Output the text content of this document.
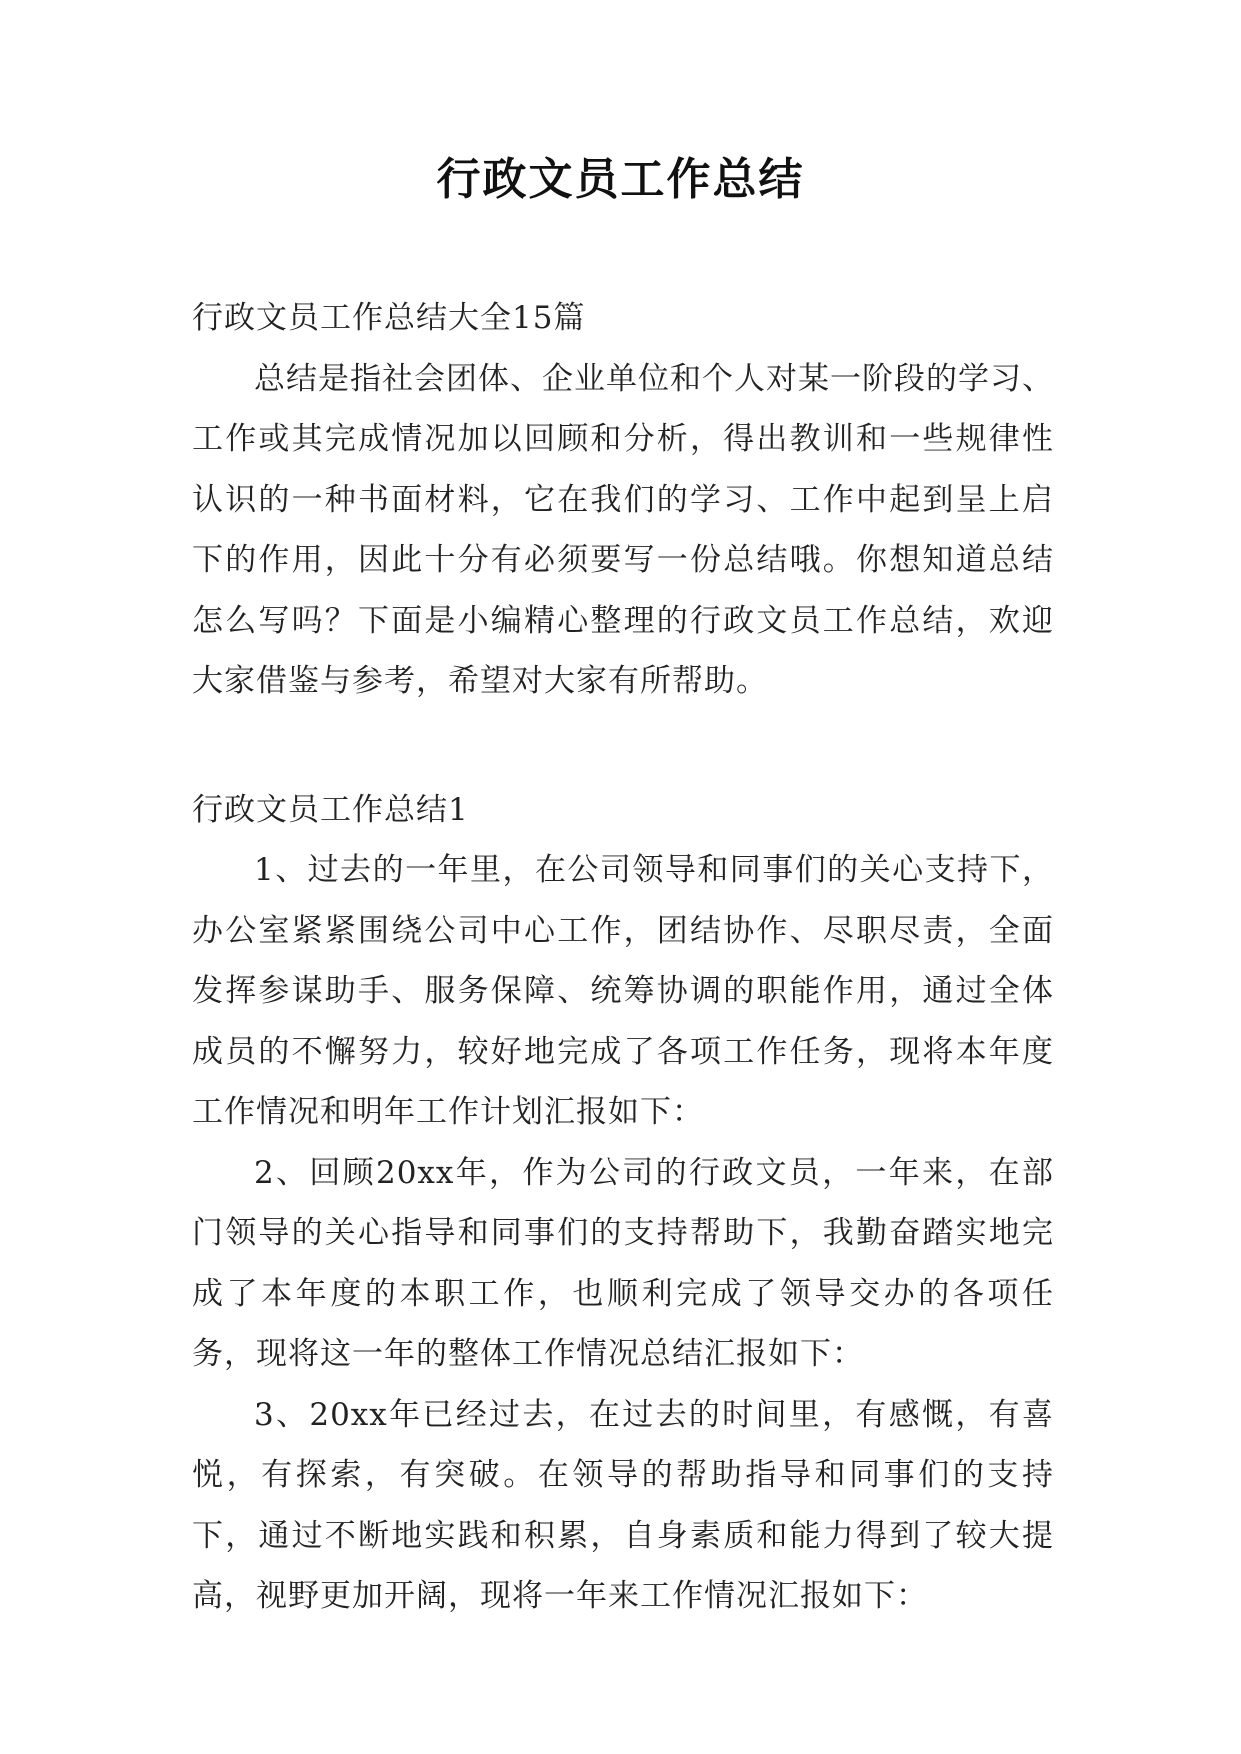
行政文员工作总结

行政文员工作总结大全15篇

总结是指社会团体、企业单位和个人对某一阶段的学习、工作或其完成情况加以回顾和分析，得出教训和一些规律性认识的一种书面材料，它在我们的学习、工作中起到呈上启下的作用，因此十分有必须要写一份总结哦。你想知道总结怎么写吗？下面是小编精心整理的行政文员工作总结，欢迎大家借鉴与参考，希望对大家有所帮助。

行政文员工作总结1

1、过去的一年里，在公司领导和同事们的关心支持下，办公室紧紧围绕公司中心工作，团结协作、尽职尽责，全面发挥参谋助手、服务保障、统筹协调的职能作用，通过全体成员的不懈努力，较好地完成了各项工作任务，现将本年度工作情况和明年工作计划汇报如下：

2、回顾20xx年，作为公司的行政文员，一年来，在部门领导的关心指导和同事们的支持帮助下，我勤奋踏实地完成了本年度的本职工作，也顺利完成了领导交办的各项任务，现将这一年的整体工作情况总结汇报如下：

3、20xx年已经过去，在过去的时间里，有感慨，有喜悦，有探索，有突破。在领导的帮助指导和同事们的支持下，通过不断地实践和积累，自身素质和能力得到了较大提高，视野更加开阔，现将一年来工作情况汇报如下：
